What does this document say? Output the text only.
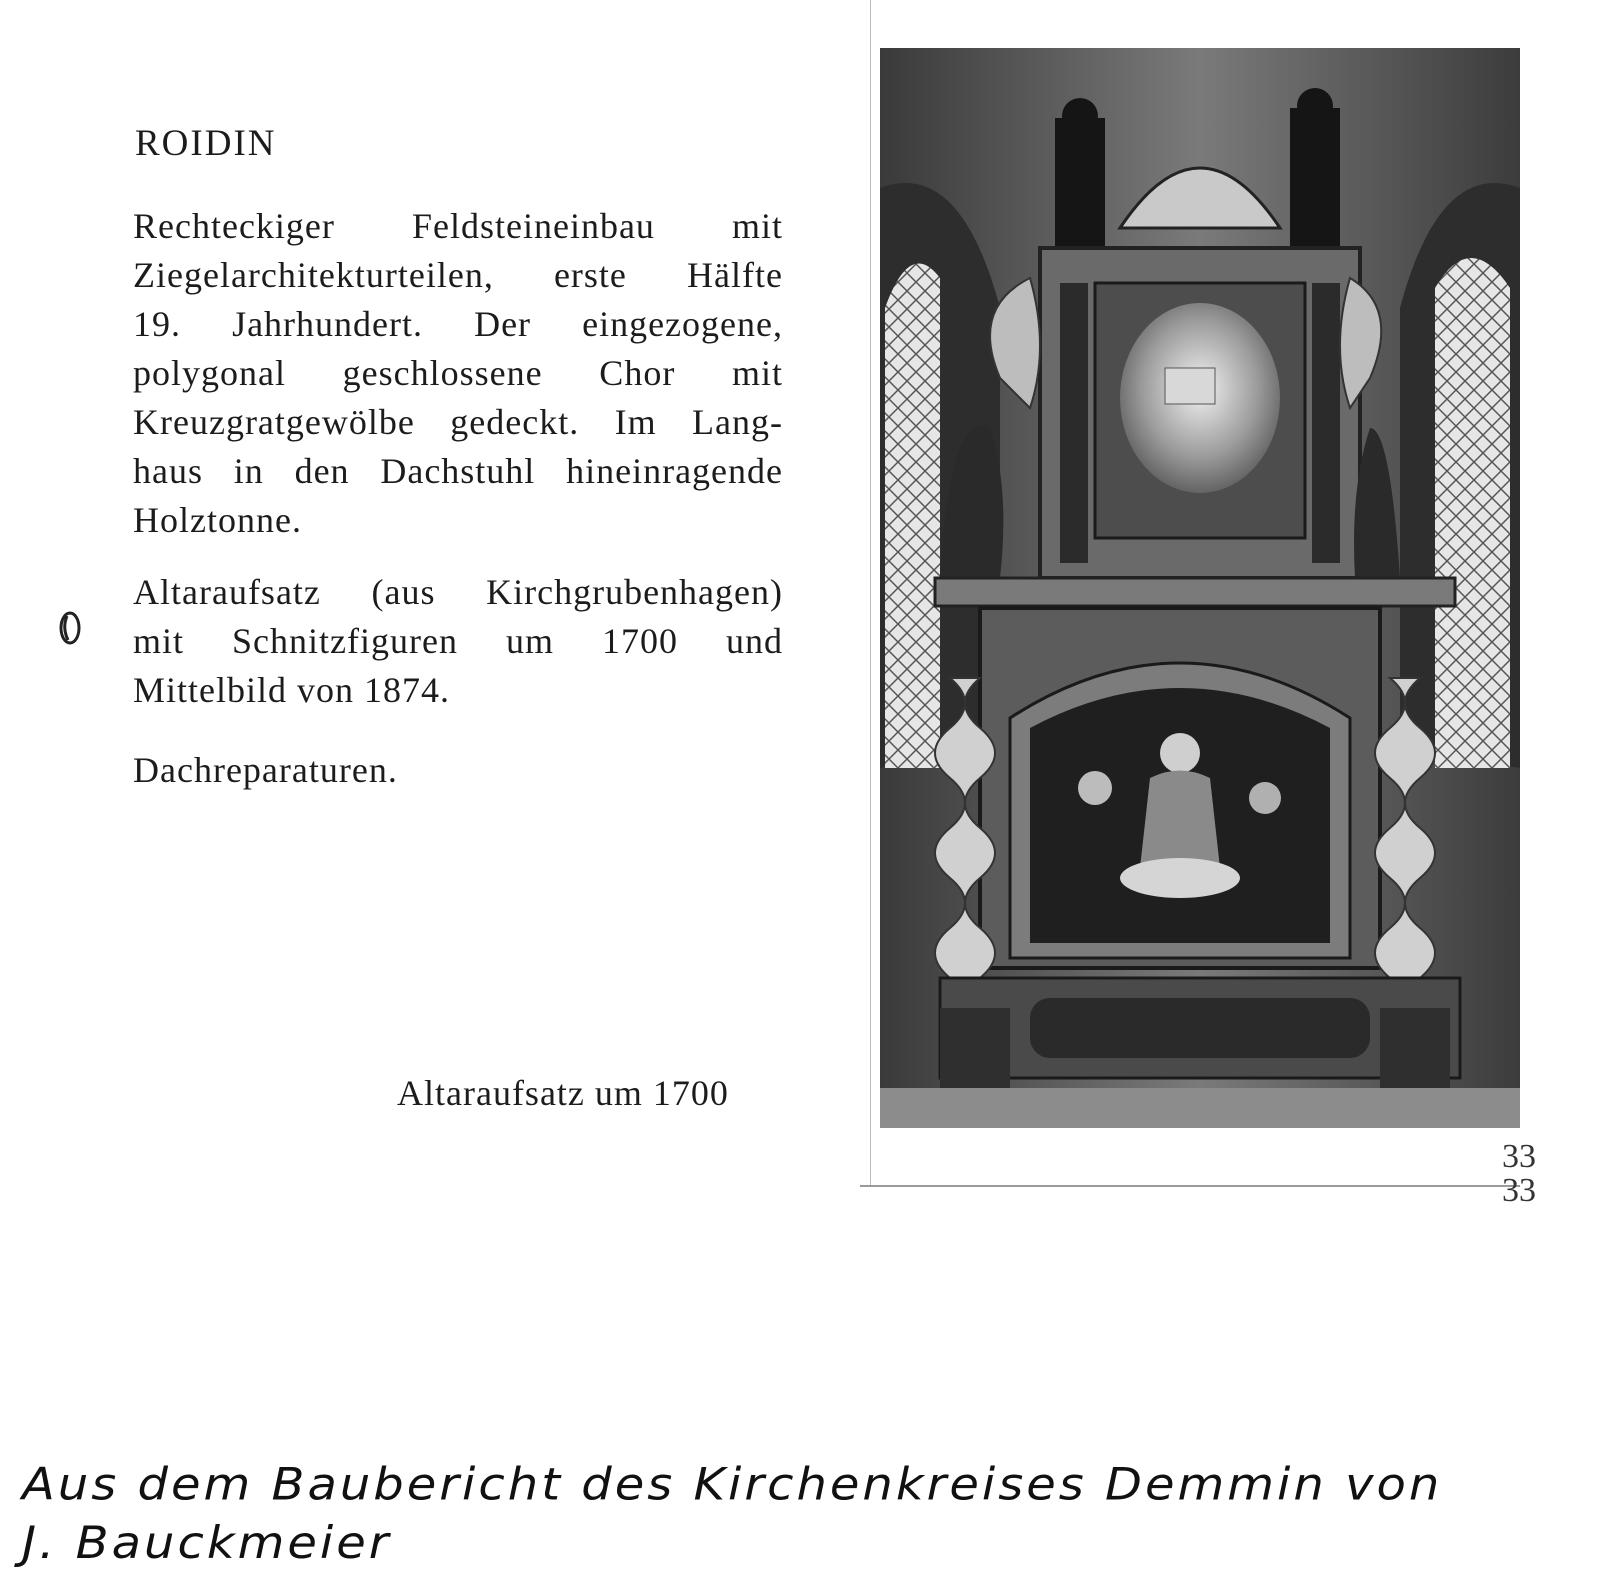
ROIDIN

Rechteckiger Feldsteineinbau mit
Ziegelarchitekturteilen, erste Hälfte
19. Jahrhundert. Der eingezogene,
polygonal geschlossene Chor mit
Kreuzgratgewölbe gedeckt. Im Lang-
haus in den Dachstuhl hineinragende
Holztonne.

Altaraufsatz (aus Kirchgrubenhagen)
mit Schnitzfiguren um 1700 und
Mittelbild von 1874.

Dachreparaturen.

Altaraufsatz um 1700
33
33
Aus dem Baubericht des Kirchenkreises Demmin von
J. Bauckmeier
